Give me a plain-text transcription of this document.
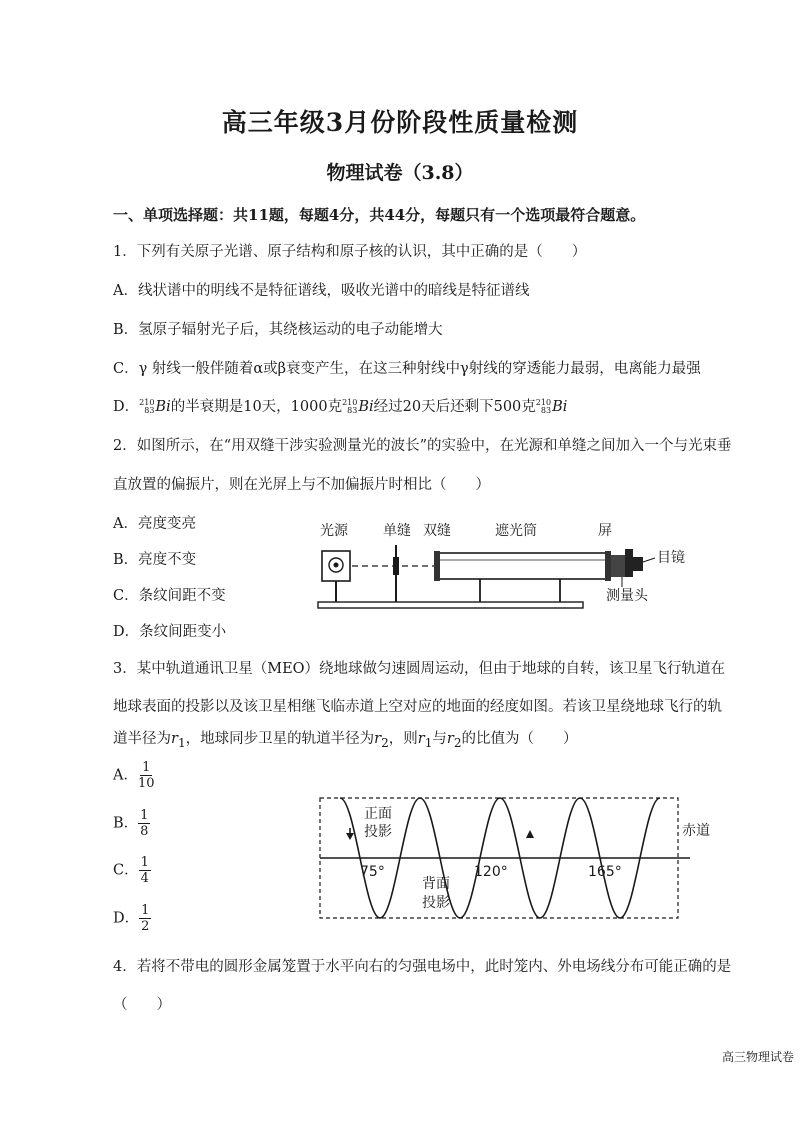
高三年级3月份阶段性质量检测
物理试卷（3.8）
一、单项选择题：共11题，每题4分，共44分，每题只有一个选项最符合题意。
1．下列有关原子光谱、原子结构和原子核的认识，其中正确的是（　　）
A．线状谱中的明线不是特征谱线，吸收光谱中的暗线是特征谱线
B．氢原子辐射光子后，其绕核运动的电子动能增大
C．γ 射线一般伴随着α或β衰变产生，在这三种射线中γ射线的穿透能力最弱，电离能力最强
D． 210
83 Bi的半衰期是10天，1000克 210
83 Bi经过20天后还剩下500克 210
83 Bi
2．如图所示，在“用双缝干涉实验测量光的波长”的实验中，在光源和单缝之间加入一个与光束垂
直放置的偏振片，则在光屏上与不加偏振片时相比（　　）
A．亮度变亮
B．亮度不变
C．条纹间距不变
D．条纹间距变小
光源	单缝 双缝	遮光筒	屏
目镜
测量头
3．某中轨道通讯卫星（MEO）绕地球做匀速圆周运动，但由于地球的自转，该卫星飞行轨道在
地球表面的投影以及该卫星相继飞临赤道上空对应的地面的经度如图。若该卫星绕地球飞行的轨
道半径为$r_1$，地球同步卫星的轨道半径为$r_2$，则$r_1$与$r_2$的比值为（　　）
A． $\frac{1}{10}$
B． $\frac{1}{8}$
C． $\frac{1}{4}$
D． $\frac{1}{2}$
正面
投影
背面
投影
赤道
75°	120°	165°
4．若将不带电的圆形金属笼置于水平向右的匀强电场中，此时笼内、外电场线分布可能正确的是
（　　）
高三物理试卷
